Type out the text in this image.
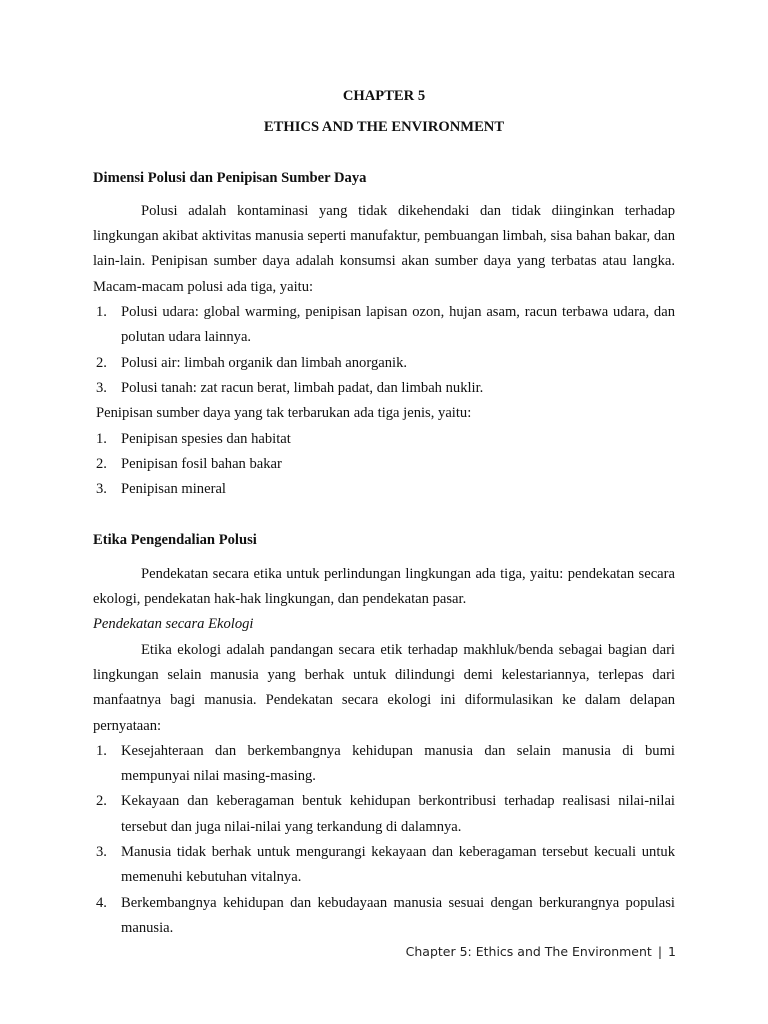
CHAPTER 5

ETHICS AND THE ENVIRONMENT

Dimensi Polusi dan Penipisan Sumber Daya

Polusi adalah kontaminasi yang tidak dikehendaki dan tidak diinginkan terhadap lingkungan akibat aktivitas manusia seperti manufaktur, pembuangan limbah, sisa bahan bakar, dan lain-lain. Penipisan sumber daya adalah konsumsi akan sumber daya yang terbatas atau langka. Macam-macam polusi ada tiga, yaitu:

1. Polusi udara: global warming, penipisan lapisan ozon, hujan asam, racun terbawa udara, dan polutan udara lainnya.
2. Polusi air: limbah organik dan limbah anorganik.
3. Polusi tanah: zat racun berat, limbah padat, dan limbah nuklir.

Penipisan sumber daya yang tak terbarukan ada tiga jenis, yaitu:

1. Penipisan spesies dan habitat
2. Penipisan fosil bahan bakar
3. Penipisan mineral
Etika Pengendalian Polusi

Pendekatan secara etika untuk perlindungan lingkungan ada tiga, yaitu: pendekatan secara ekologi, pendekatan hak-hak lingkungan, dan pendekatan pasar.

Pendekatan secara Ekologi

Etika ekologi adalah pandangan secara etik terhadap makhluk/benda sebagai bagian dari lingkungan selain manusia yang berhak untuk dilindungi demi kelestariannya, terlepas dari manfaatnya bagi manusia. Pendekatan secara ekologi ini diformulasikan ke dalam delapan pernyataan:

1. Kesejahteraan dan berkembangnya kehidupan manusia dan selain manusia di bumi mempunyai nilai masing-masing.
2. Kekayaan dan keberagaman bentuk kehidupan berkontribusi terhadap realisasi nilai-nilai tersebut dan juga nilai-nilai yang terkandung di dalamnya.
3. Manusia tidak berhak untuk mengurangi kekayaan dan keberagaman tersebut kecuali untuk memenuhi kebutuhan vitalnya.
4. Berkembangnya kehidupan dan kebudayaan manusia sesuai dengan berkurangnya populasi manusia.
Chapter 5: Ethics and The Environment | 1
